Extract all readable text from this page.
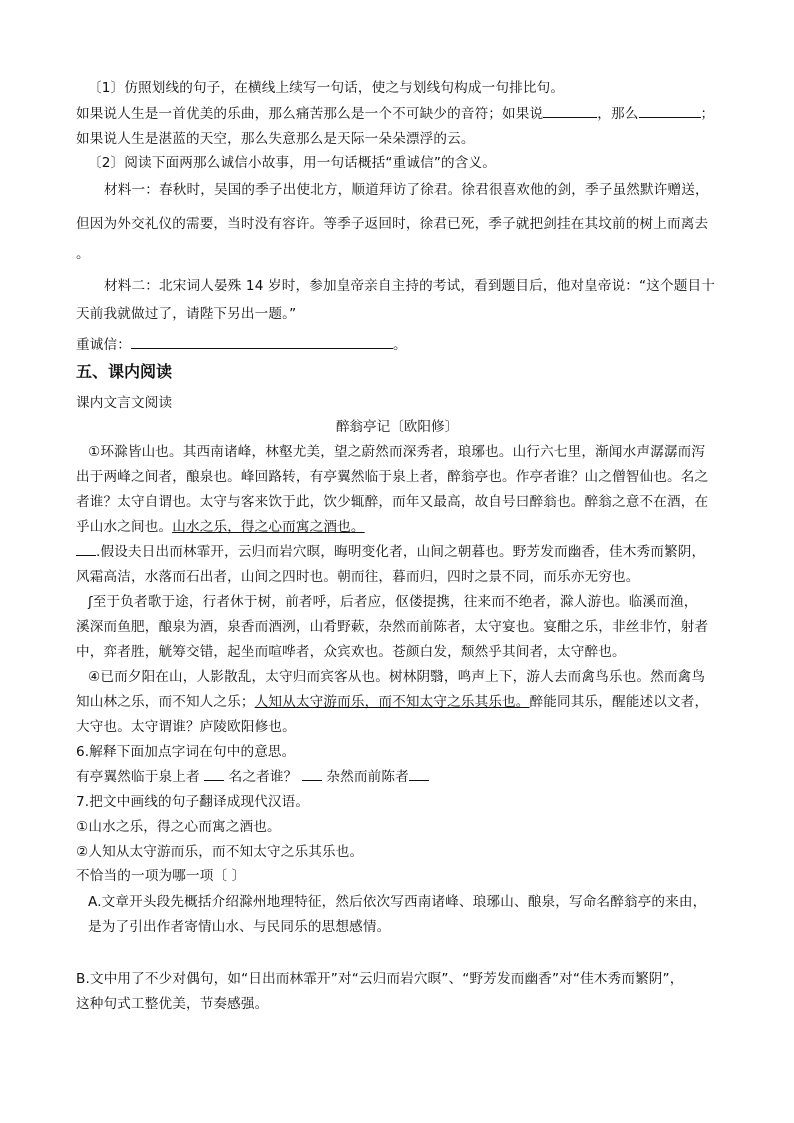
〔1〕仿照划线的句子，在横线上续写一句话，使之与划线句构成一句排比句。
如果说人生是一首优美的乐曲，那么痛苦那么是一个不可缺少的音符；如果说	，那么	；
如果说人生是湛蓝的天空，那么失意那么是天际一朵朵漂浮的云。
〔2〕阅读下面两那么诚信小故事，用一句话概括“重诚信”的含义。
材料一：春秋时，吴国的季子出使北方，顺道拜访了徐君。徐君很喜欢他的剑，季子虽然默许赠送，
但因为外交礼仪的需要，当时没有容许。等季子返回时，徐君已死，季子就把剑挂在其坟前的树上而离去
。
材料二：北宋词人晏殊 14 岁时，参加皇帝亲自主持的考试，看到题目后，他对皇帝说：“这个题目十
天前我就做过了，请陛下另出一题。”
重诚信：	。
五、课内阅读
课内文言文阅读
醉翁亭记〔欧阳修〕
①环滁皆山也。其西南诸峰，林壑尤美，望之蔚然而深秀者，琅琊也。山行六七里，渐闻水声潺潺而泻
出于两峰之间者，酿泉也。峰回路转，有亭翼然临于泉上者，醉翁亭也。作亭者谁？山之僧智仙也。名之
者谁？太守自谓也。太守与客来饮于此，饮少辄醉，而年又最高，故自号曰醉翁也。醉翁之意不在酒，在
乎山水之间也。山水之乐，得之心而寓之酒也。
.假设夫日出而林霏开，云归而岩穴暝，晦明变化者，山间之朝暮也。野芳发而幽香，佳木秀而繁阴，
风霜高洁，水落而石出者，山间之四时也。朝而往，暮而归，四时之景不同，而乐亦无穷也。
ʃ至于负者歌于途，行者休于树，前者呼，后者应，伛偻提携，往来而不绝者，滁人游也。临溪而渔，
溪深而鱼肥，酿泉为酒，泉香而酒洌，山肴野蔌，杂然而前陈者，太守宴也。宴酣之乐，非丝非竹，射者
中，弈者胜，觥筹交错，起坐而喧哗者，众宾欢也。苍颜白发，颓然乎其间者，太守醉也。
④已而夕阳在山，人影散乱，太守归而宾客从也。树林阴翳，鸣声上下，游人去而禽鸟乐也。然而禽鸟
知山林之乐，而不知人之乐；人知从太守游而乐，而不知太守之乐其乐也。醉能同其乐，醒能述以文者，
大守也。太守谓谁？庐陵欧阳修也。
6.解释下面加点字词在句中的意思。
有亭翼然临于泉上者 名之者谁？ 杂然而前陈者
7.把文中画线的句子翻译成现代汉语。
①山水之乐，得之心而寓之酒也。
②人知从太守游而乐，而不知太守之乐其乐也。
不恰当的一项为哪一项〔 〕
A.文章开头段先概括介绍滁州地理特征，然后依次写西南诸峰、琅琊山、酿泉，写命名醉翁亭的来由，
是为了引出作者寄情山水、与民同乐的思想感情。
B.文中用了不少对偶句，如“日出而林霏开”对“云归而岩穴暝”、“野芳发而幽香”对“佳木秀而繁阴”，
这种句式工整优美，节奏感强。
